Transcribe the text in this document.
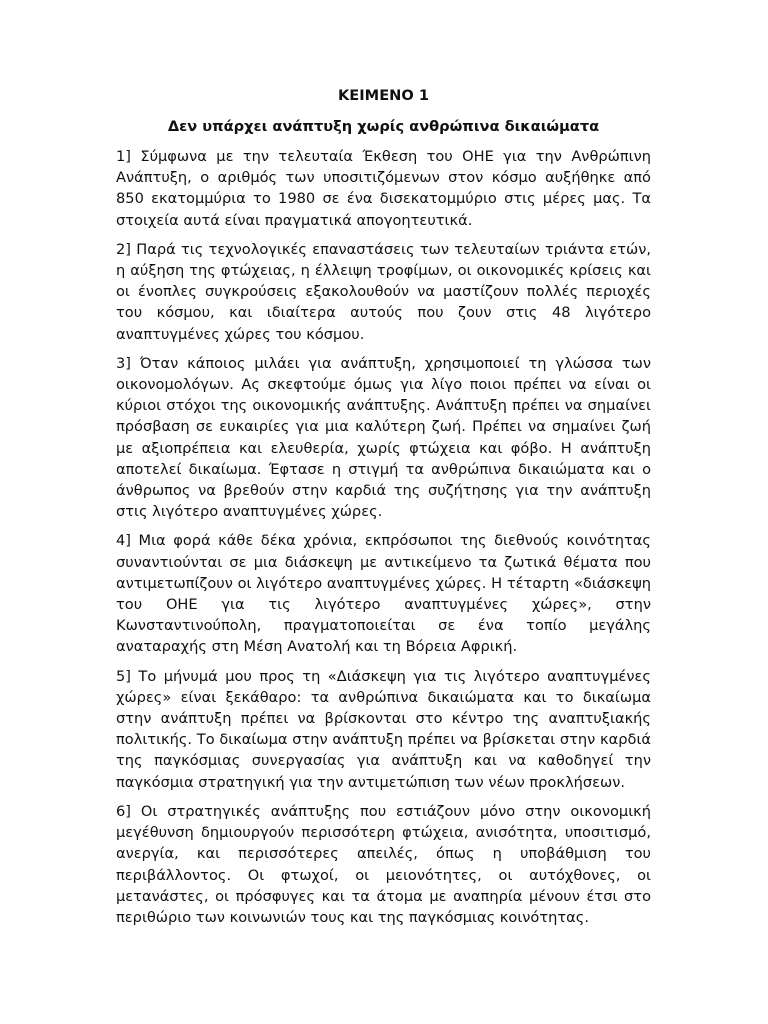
ΚΕΙΜΕΝΟ 1
Δεν υπάρχει ανάπτυξη χωρίς ανθρώπινα δικαιώματα

1] Σύμφωνα με την τελευταία Έκθεση του ΟΗΕ για την Ανθρώπινη Ανάπτυξη, ο αριθμός των υποσιτιζόμενων στον κόσμο αυξήθηκε από 850 εκατομμύρια το 1980 σε ένα δισεκατομμύριο στις μέρες μας. Τα στοιχεία αυτά είναι πραγματικά απογοητευτικά.

2] Παρά τις τεχνολογικές επαναστάσεις των τελευταίων τριάντα ετών, η αύξηση της φτώχειας, η έλλειψη τροφίμων, οι οικονομικές κρίσεις και οι ένοπλες συγκρούσεις εξακολουθούν να μαστίζουν πολλές περιοχές του κόσμου, και ιδιαίτερα αυτούς που ζουν στις 48 λιγότερο αναπτυγμένες χώρες του κόσμου.

3] Όταν κάποιος μιλάει για ανάπτυξη, χρησιμοποιεί τη γλώσσα των οικονομολόγων. Ας σκεφτούμε όμως για λίγο ποιοι πρέπει να είναι οι κύριοι στόχοι της οικονομικής ανάπτυξης. Ανάπτυξη πρέπει να σημαίνει πρόσβαση σε ευκαιρίες για μια καλύτερη ζωή. Πρέπει να σημαίνει ζωή με αξιοπρέπεια και ελευθερία, χωρίς φτώχεια και φόβο. Η ανάπτυξη αποτελεί δικαίωμα. Έφτασε η στιγμή τα ανθρώπινα δικαιώματα και ο άνθρωπος να βρεθούν στην καρδιά της συζήτησης για την ανάπτυξη στις λιγότερο αναπτυγμένες χώρες.

4] Μια φορά κάθε δέκα χρόνια, εκπρόσωποι της διεθνούς κοινότητας συναντιούνται σε μια διάσκεψη με αντικείμενο τα ζωτικά θέματα που αντιμετωπίζουν οι λιγότερο αναπτυγμένες χώρες. Η τέταρτη «διάσκεψη του ΟΗΕ για τις λιγότερο αναπτυγμένες χώρες», στην Κωνσταντινούπολη, πραγματοποιείται σε ένα τοπίο μεγάλης αναταραχής στη Μέση Ανατολή και τη Βόρεια Αφρική.

5] Το μήνυμά μου προς τη «Διάσκεψη για τις λιγότερο αναπτυγμένες χώρες» είναι ξεκάθαρο: τα ανθρώπινα δικαιώματα και το δικαίωμα στην ανάπτυξη πρέπει να βρίσκονται στο κέντρο της αναπτυξιακής πολιτικής. Το δικαίωμα στην ανάπτυξη πρέπει να βρίσκεται στην καρδιά της παγκόσμιας συνεργασίας για ανάπτυξη και να καθοδηγεί την παγκόσμια στρατηγική για την αντιμετώπιση των νέων προκλήσεων.

6] Οι στρατηγικές ανάπτυξης που εστιάζουν μόνο στην οικονομική μεγέθυνση δημιουργούν περισσότερη φτώχεια, ανισότητα, υποσιτισμό, ανεργία, και περισσότερες απειλές, όπως η υποβάθμιση του περιβάλλοντος. Οι φτωχοί, οι μειονότητες, οι αυτόχθονες, οι μετανάστες, οι πρόσφυγες και τα άτομα με αναπηρία μένουν έτσι στο περιθώριο των κοινωνιών τους και της παγκόσμιας κοινότητας.
